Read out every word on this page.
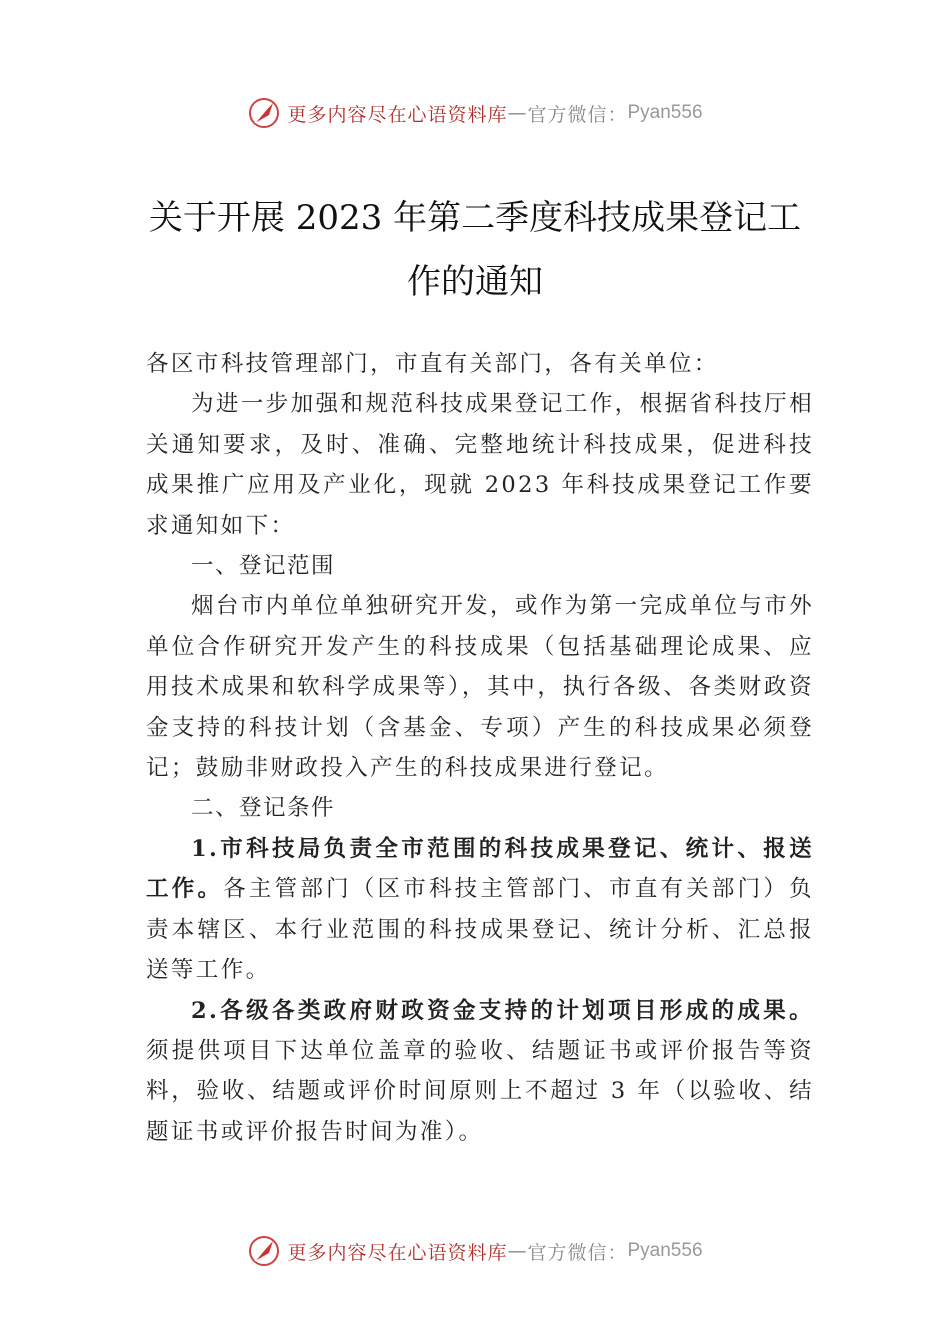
更多内容尽在心语资料库 — 官方微信： Pyan556
关于开展 2023 年第二季度科技成果登记工
作的通知

各区市科技管理部门，市直有关部门，各有关单位：

为进一步加强和规范科技成果登记工作，根据省科技厅相关通知要求，及时、准确、完整地统计科技成果，促进科技成果推广应用及产业化，现就 2023 年科技成果登记工作要求通知如下：

一、登记范围

烟台市内单位单独研究开发，或作为第一完成单位与市外单位合作研究开发产生的科技成果（包括基础理论成果、应用技术成果和软科学成果等），其中，执行各级、各类财政资金支持的科技计划（含基金、专项）产生的科技成果必须登记；鼓励非财政投入产生的科技成果进行登记。

二、登记条件

1.市科技局负责全市范围的科技成果登记、统计、报送工作。各主管部门（区市科技主管部门、市直有关部门）负责本辖区、本行业范围的科技成果登记、统计分析、汇总报送等工作。

2.各级各类政府财政资金支持的计划项目形成的成果。须提供项目下达单位盖章的验收、结题证书或评价报告等资料，验收、结题或评价时间原则上不超过 3 年（以验收、结题证书或评价报告时间为准）。

更多内容尽在心语资料库 — 官方微信： Pyan556
